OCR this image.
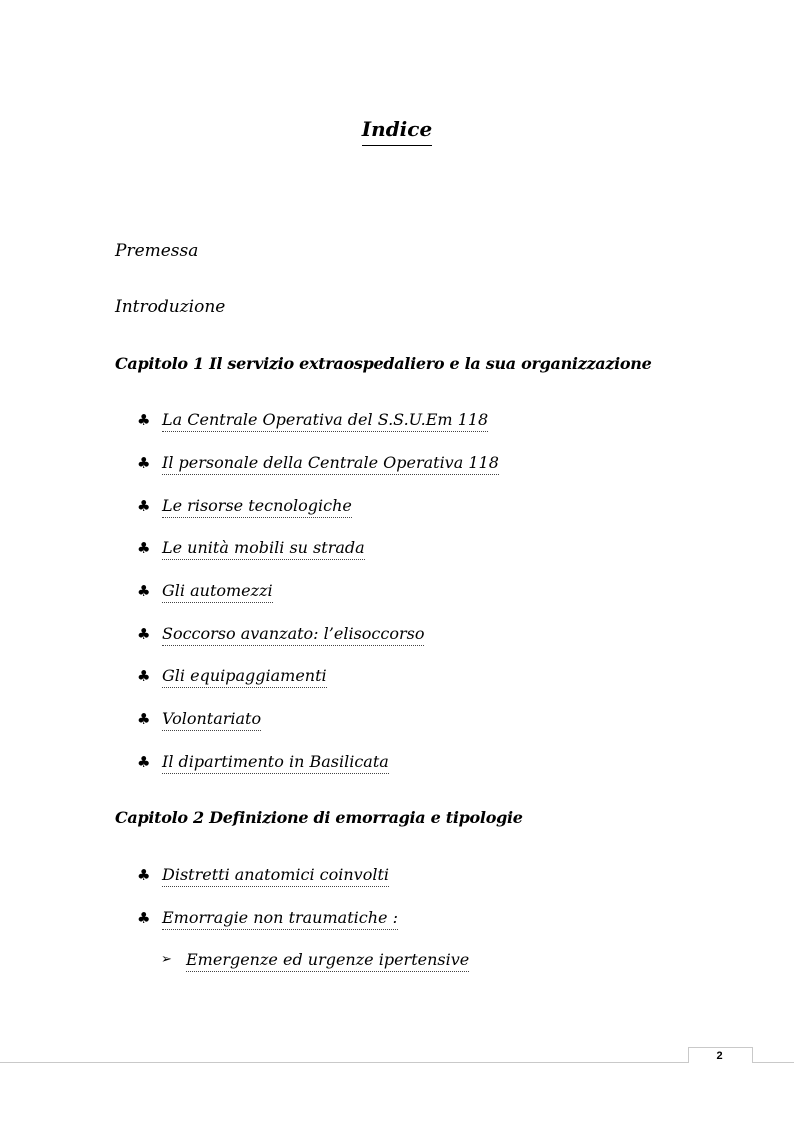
Indice
Premessa
Introduzione
Capitolo 1 Il servizio extraospedaliero e la sua organizzazione
♣ La Centrale Operativa del S.S.U.Em 118
♣ Il personale della Centrale Operativa 118
♣ Le risorse tecnologiche
♣ Le unità mobili su strada
♣ Gli automezzi
♣ Soccorso avanzato: l’elisoccorso
♣ Gli equipaggiamenti
♣ Volontariato
♣ Il dipartimento in Basilicata
Capitolo 2 Definizione di emorragia e tipologie
♣ Distretti anatomici coinvolti
♣ Emorragie non traumatiche :
➢ Emergenze ed urgenze ipertensive
2
